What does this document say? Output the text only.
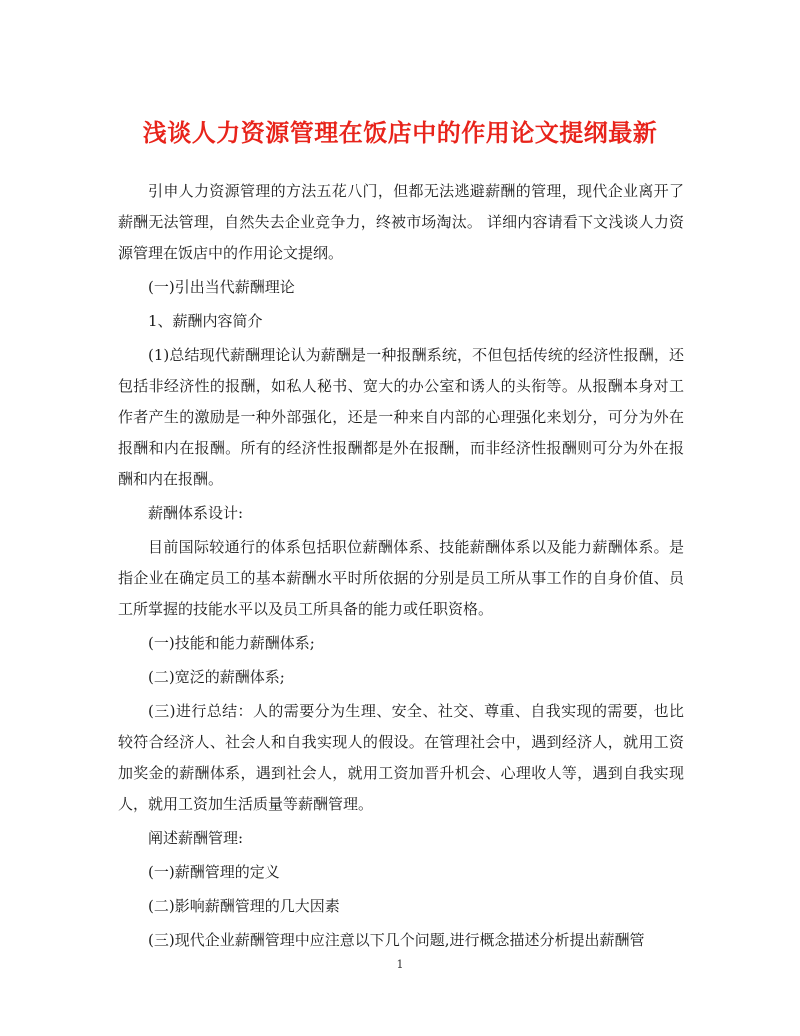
浅谈人力资源管理在饭店中的作用论文提纲最新

引申人力资源管理的方法五花八门，但都无法逃避薪酬的管理，现代企业离开了薪酬无法管理，自然失去企业竞争力，终被市场淘汰。 详细内容请看下文浅谈人力资源管理在饭店中的作用论文提纲。

(一)引出当代薪酬理论

1、薪酬内容简介

(1)总结现代薪酬理论认为薪酬是一种报酬系统，不但包括传统的经济性报酬，还包括非经济性的报酬，如私人秘书、宽大的办公室和诱人的头衔等。从报酬本身对工作者产生的激励是一种外部强化，还是一种来自内部的心理强化来划分，可分为外在报酬和内在报酬。所有的经济性报酬都是外在报酬，而非经济性报酬则可分为外在报酬和内在报酬。

薪酬体系设计:

目前国际较通行的体系包括职位薪酬体系、技能薪酬体系以及能力薪酬体系。是指企业在确定员工的基本薪酬水平时所依据的分别是员工所从事工作的自身价值、员工所掌握的技能水平以及员工所具备的能力或任职资格。

(一)技能和能力薪酬体系;

(二)宽泛的薪酬体系;

(三)进行总结：人的需要分为生理、安全、社交、尊重、自我实现的需要，也比较符合经济人、社会人和自我实现人的假设。在管理社会中，遇到经济人，就用工资加奖金的薪酬体系，遇到社会人，就用工资加晋升机会、心理收人等，遇到自我实现人，就用工资加生活质量等薪酬管理。

阐述薪酬管理:

(一)薪酬管理的定义

(二)影响薪酬管理的几大因素

(三)现代企业薪酬管理中应注意以下几个问题,进行概念描述分析提出薪酬管

1
